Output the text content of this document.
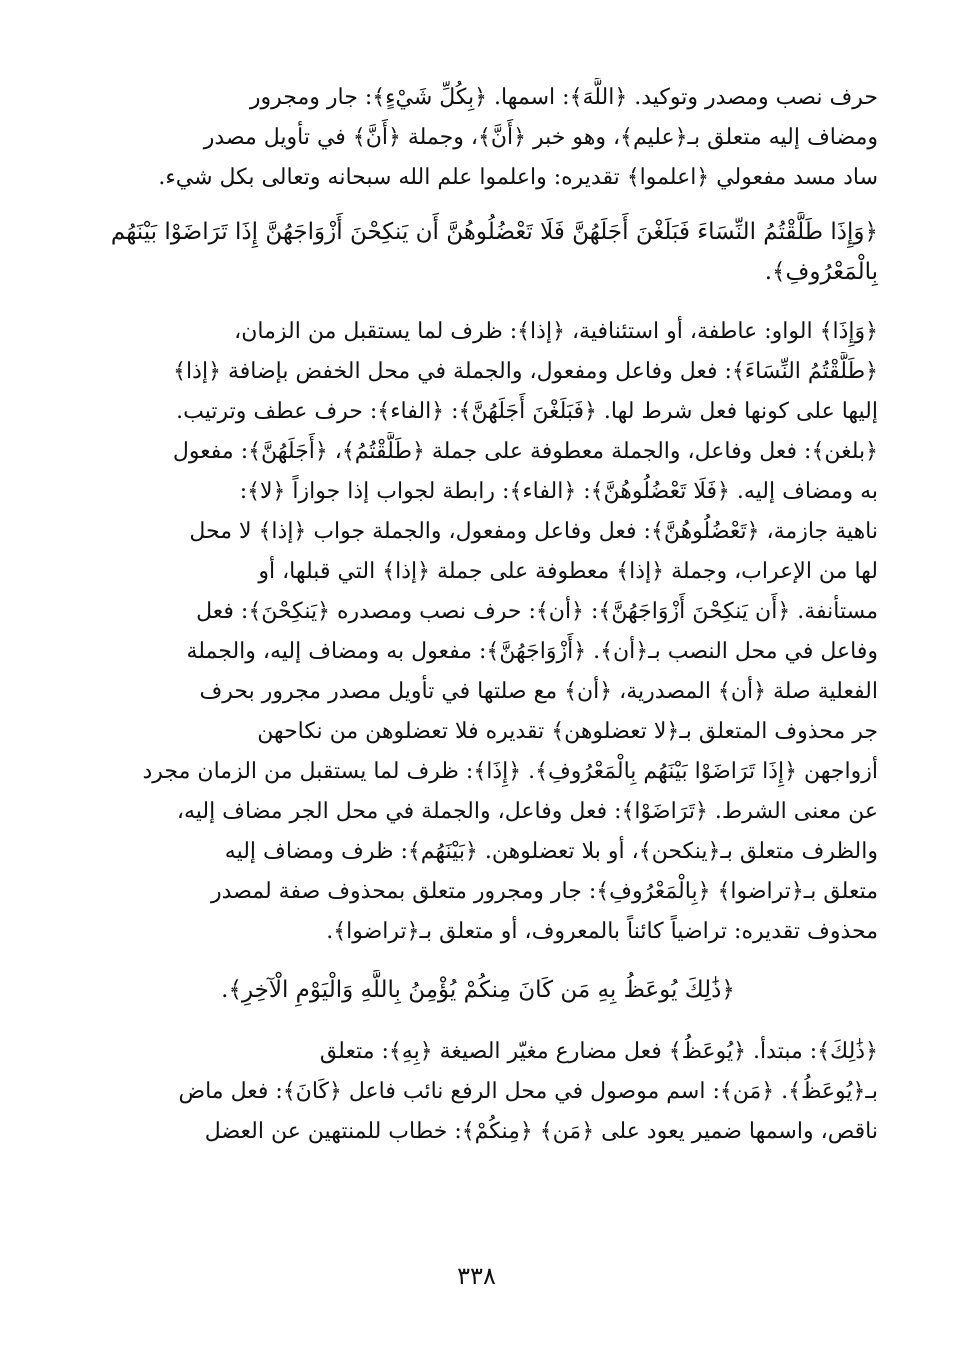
حرف نصب ومصدر وتوكيد. ﴿اللَّهَ﴾: اسمها. ﴿بِكُلِّ شَيْءٍ﴾: جار ومجرور
ومضاف إليه متعلق بـ﴿عليم﴾، وهو خبر ﴿أَنَّ﴾، وجملة ﴿أَنَّ﴾ في تأويل مصدر
ساد مسد مفعولي ﴿اعلموا﴾ تقديره: واعلموا علم الله سبحانه وتعالى بكل شيء.
﴿وَإِذَا طَلَّقْتُمُ النِّسَاءَ فَبَلَغْنَ أَجَلَهُنَّ فَلَا تَعْضُلُوهُنَّ أَن يَنكِحْنَ أَزْوَاجَهُنَّ إِذَا تَرَاضَوْا بَيْنَهُم
بِالْمَعْرُوفِ﴾.
﴿وَإِذَا﴾ الواو: عاطفة، أو استئنافية، ﴿إذا﴾: ظرف لما يستقبل من الزمان،
﴿طَلَّقْتُمُ النِّسَاءَ﴾: فعل وفاعل ومفعول، والجملة في محل الخفض بإضافة ﴿إذا﴾
إليها على كونها فعل شرط لها. ﴿فَبَلَغْنَ أَجَلَهُنَّ﴾: ﴿الفاء﴾: حرف عطف وترتيب.
﴿بلغن﴾: فعل وفاعل، والجملة معطوفة على جملة ﴿طَلَّقْتُمُ﴾، ﴿أَجَلَهُنَّ﴾: مفعول
به ومضاف إليه. ﴿فَلَا تَعْضُلُوهُنَّ﴾: ﴿الفاء﴾: رابطة لجواب إذا جوازاً ﴿لا﴾:
ناهية جازمة، ﴿تَعْضُلُوهُنَّ﴾: فعل وفاعل ومفعول، والجملة جواب ﴿إذا﴾ لا محل
لها من الإعراب، وجملة ﴿إذا﴾ معطوفة على جملة ﴿إذا﴾ التي قبلها، أو
مستأنفة. ﴿أَن يَنكِحْنَ أَزْوَاجَهُنَّ﴾: ﴿أن﴾: حرف نصب ومصدره ﴿يَنكِحْنَ﴾: فعل
وفاعل في محل النصب بـ﴿أن﴾. ﴿أَزْوَاجَهُنَّ﴾: مفعول به ومضاف إليه، والجملة
الفعلية صلة ﴿أن﴾ المصدرية، ﴿أن﴾ مع صلتها في تأويل مصدر مجرور بحرف
جر محذوف المتعلق بـ﴿لا تعضلوهن﴾ تقديره فلا تعضلوهن من نكاحهن
أزواجهن ﴿إِذَا تَرَاضَوْا بَيْنَهُم بِالْمَعْرُوفِ﴾. ﴿إِذَا﴾: ظرف لما يستقبل من الزمان مجرد
عن معنى الشرط. ﴿تَرَاضَوْا﴾: فعل وفاعل، والجملة في محل الجر مضاف إليه،
والظرف متعلق بـ﴿ينكحن﴾، أو بلا تعضلوهن. ﴿بَيْنَهُم﴾: ظرف ومضاف إليه
متعلق بـ﴿تراضوا﴾ ﴿بِالْمَعْرُوفِ﴾: جار ومجرور متعلق بمحذوف صفة لمصدر
محذوف تقديره: تراضياً كائناً بالمعروف، أو متعلق بـ﴿تراضوا﴾.
﴿ذَٰلِكَ يُوعَظُ بِهِ مَن كَانَ مِنكُمْ يُؤْمِنُ بِاللَّهِ وَالْيَوْمِ الْآخِرِ﴾.
﴿ذَٰلِكَ﴾: مبتدأ. ﴿يُوعَظُ﴾ فعل مضارع مغيّر الصيغة ﴿بِهِ﴾: متعلق
بـ﴿يُوعَظُ﴾. ﴿مَن﴾: اسم موصول في محل الرفع نائب فاعل ﴿كَانَ﴾: فعل ماض
ناقص، واسمها ضمير يعود على ﴿مَن﴾ ﴿مِنكُمْ﴾: خطاب للمنتهين عن العضل
٣٣٨
